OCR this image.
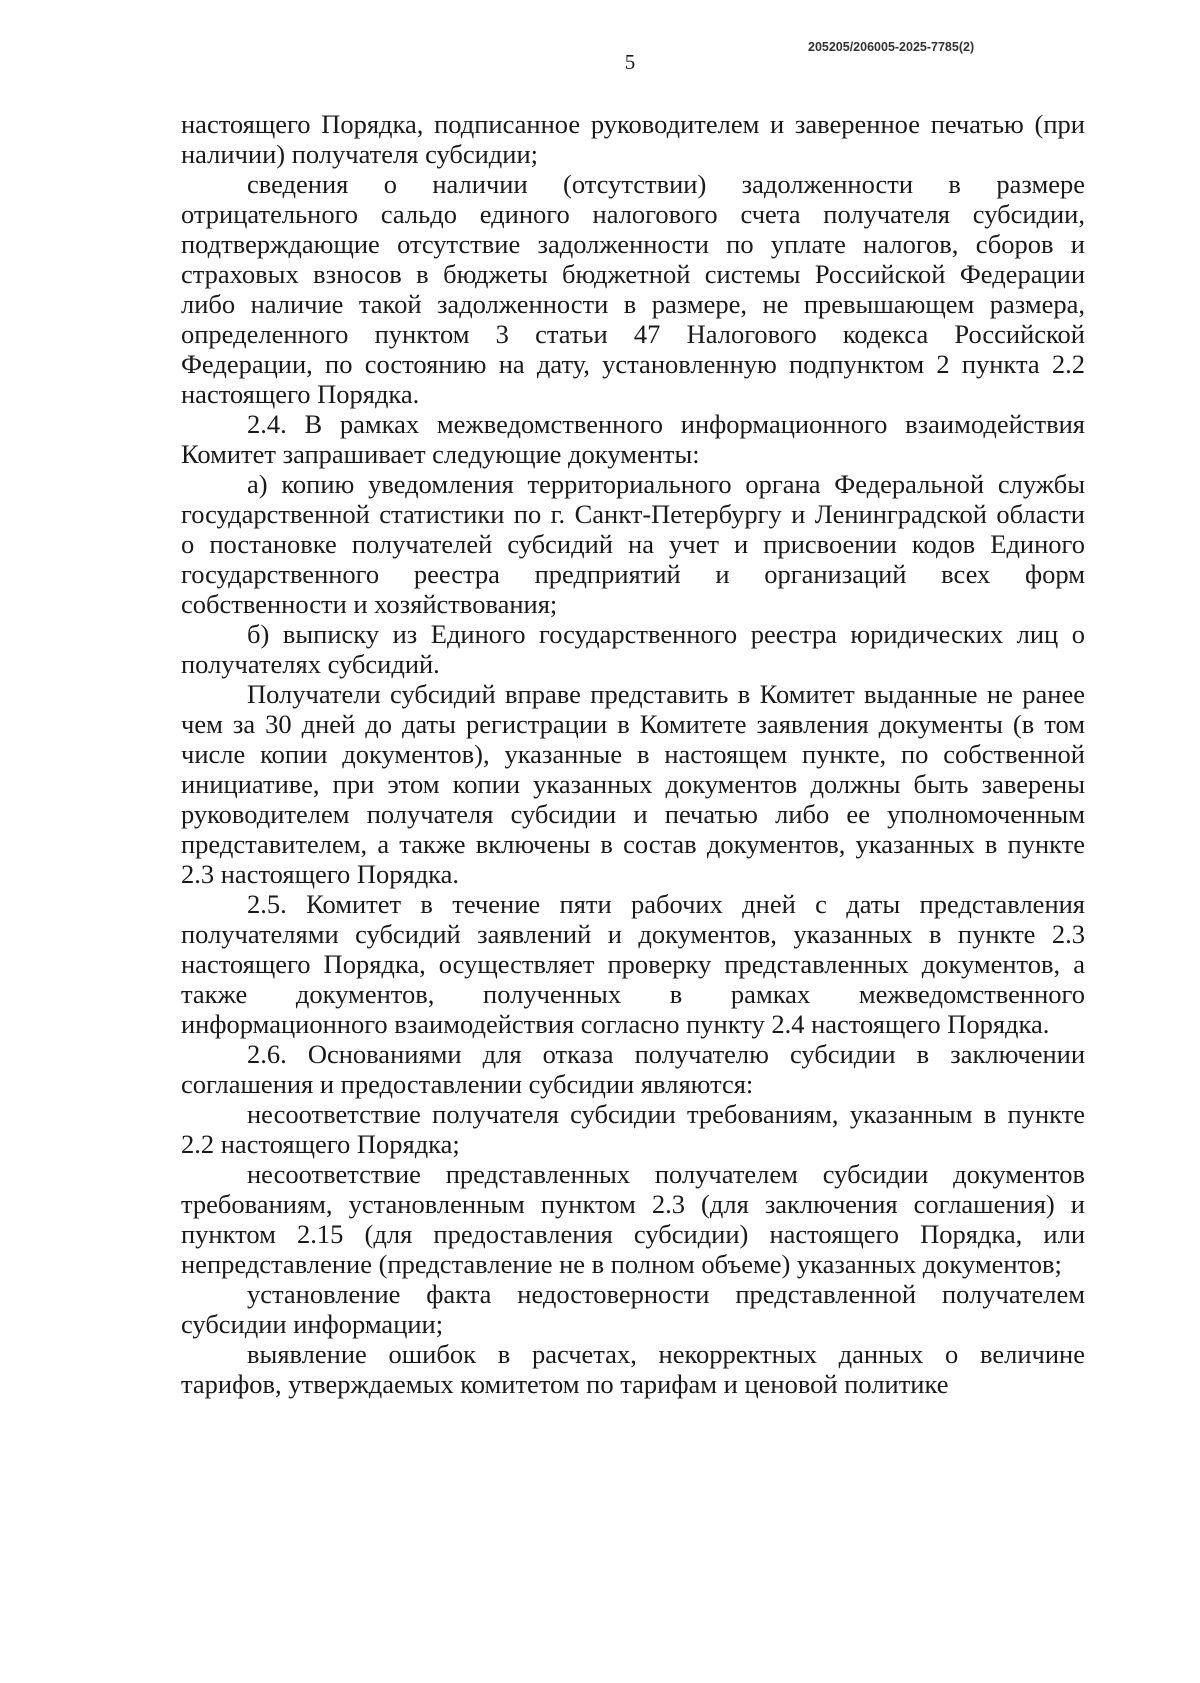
205205/206005-2025-7785(2)
5

настоящего Порядка, подписанное руководителем и заверенное печатью (при наличии) получателя субсидии;

сведения о наличии (отсутствии) задолженности в размере отрицательного сальдо единого налогового счета получателя субсидии, подтверждающие отсутствие задолженности по уплате налогов, сборов и страховых взносов в бюджеты бюджетной системы Российской Федерации либо наличие такой задолженности в размере, не превышающем размера, определенного пунктом 3 статьи 47 Налогового кодекса Российской Федерации, по состоянию на дату, установленную подпунктом 2 пункта 2.2 настоящего Порядка.

2.4. В рамках межведомственного информационного взаимодействия Комитет запрашивает следующие документы:

а) копию уведомления территориального органа Федеральной службы государственной статистики по г. Санкт-Петербургу и Ленинградской области о постановке получателей субсидий на учет и присвоении кодов Единого государственного реестра предприятий и организаций всех форм собственности и хозяйствования;

б) выписку из Единого государственного реестра юридических лиц о получателях субсидий.

Получатели субсидий вправе представить в Комитет выданные не ранее чем за 30 дней до даты регистрации в Комитете заявления документы (в том числе копии документов), указанные в настоящем пункте, по собственной инициативе, при этом копии указанных документов должны быть заверены руководителем получателя субсидии и печатью либо ее уполномоченным представителем, а также включены в состав документов, указанных в пункте 2.3 настоящего Порядка.

2.5. Комитет в течение пяти рабочих дней с даты представления получателями субсидий заявлений и документов, указанных в пункте 2.3 настоящего Порядка, осуществляет проверку представленных документов, а также документов, полученных в рамках межведомственного информационного взаимодействия согласно пункту 2.4 настоящего Порядка.

2.6. Основаниями для отказа получателю субсидии в заключении соглашения и предоставлении субсидии являются:

несоответствие получателя субсидии требованиям, указанным в пункте 2.2 настоящего Порядка;

несоответствие представленных получателем субсидии документов требованиям, установленным пунктом 2.3 (для заключения соглашения) и пунктом 2.15 (для предоставления субсидии) настоящего Порядка, или непредставление (представление не в полном объеме) указанных документов;

установление факта недостоверности представленной получателем субсидии информации;

выявление ошибок в расчетах, некорректных данных о величине тарифов, утверждаемых комитетом по тарифам и ценовой политике
